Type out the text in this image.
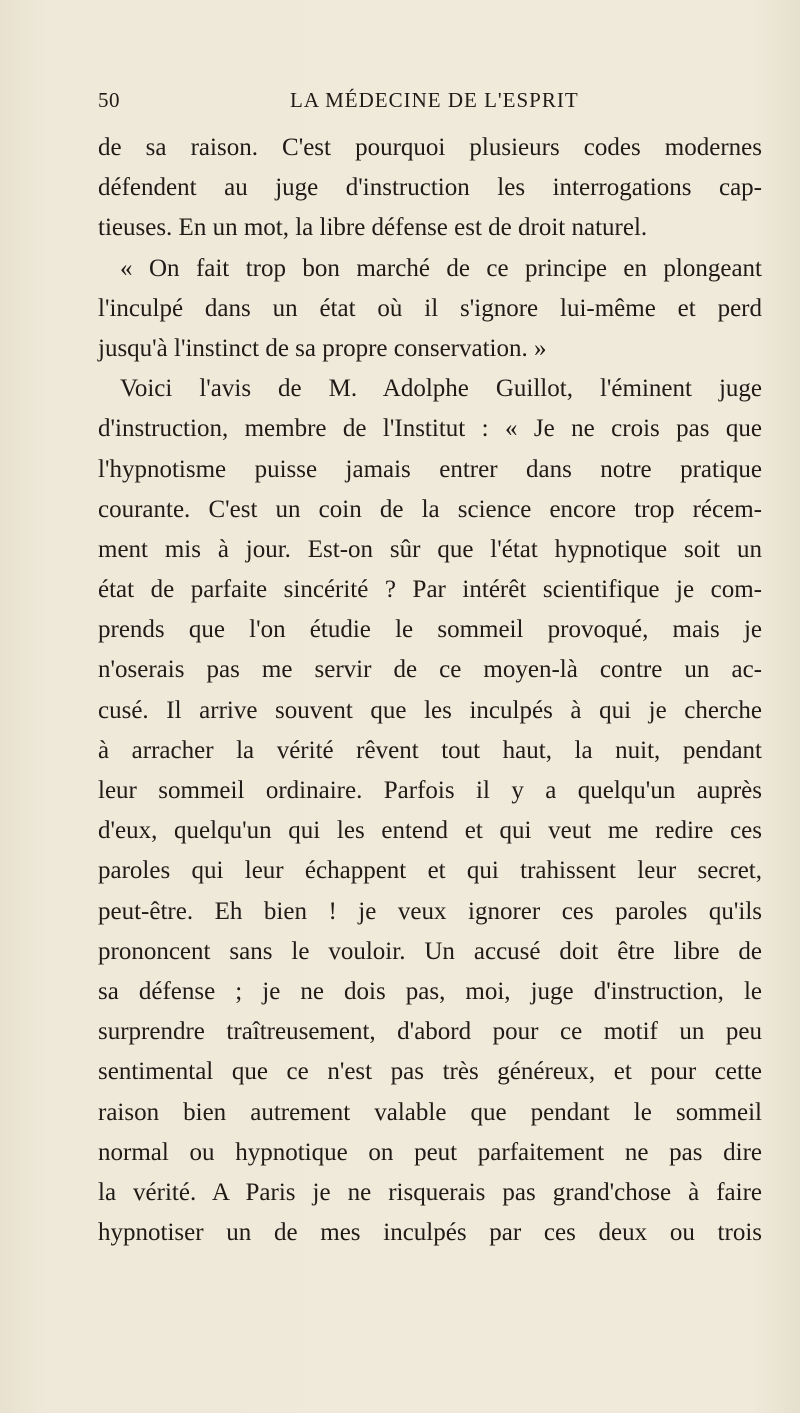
50	LA MÉDECINE DE L'ESPRIT
de sa raison. C'est pourquoi plusieurs codes modernes
défendent au juge d'instruction les interrogations cap-
tieuses. En un mot, la libre défense est de droit naturel.
« On fait trop bon marché de ce principe en plongeant
l'inculpé dans un état où il s'ignore lui-même et perd
jusqu'à l'instinct de sa propre conservation. »
Voici l'avis de M. Adolphe Guillot, l'éminent juge
d'instruction, membre de l'Institut : « Je ne crois pas que
l'hypnotisme puisse jamais entrer dans notre pratique
courante. C'est un coin de la science encore trop récem-
ment mis à jour. Est-on sûr que l'état hypnotique soit un
état de parfaite sincérité ? Par intérêt scientifique je com-
prends que l'on étudie le sommeil provoqué, mais je
n'oserais pas me servir de ce moyen-là contre un ac-
cusé. Il arrive souvent que les inculpés à qui je cherche
à arracher la vérité rêvent tout haut, la nuit, pendant
leur sommeil ordinaire. Parfois il y a quelqu'un auprès
d'eux, quelqu'un qui les entend et qui veut me redire ces
paroles qui leur échappent et qui trahissent leur secret,
peut-être. Eh bien ! je veux ignorer ces paroles qu'ils
prononcent sans le vouloir. Un accusé doit être libre de
sa défense ; je ne dois pas, moi, juge d'instruction, le
surprendre traîtreusement, d'abord pour ce motif un peu
sentimental que ce n'est pas très généreux, et pour cette
raison bien autrement valable que pendant le sommeil
normal ou hypnotique on peut parfaitement ne pas dire
la vérité. A Paris je ne risquerais pas grand'chose à faire
hypnotiser un de mes inculpés par ces deux ou trois
